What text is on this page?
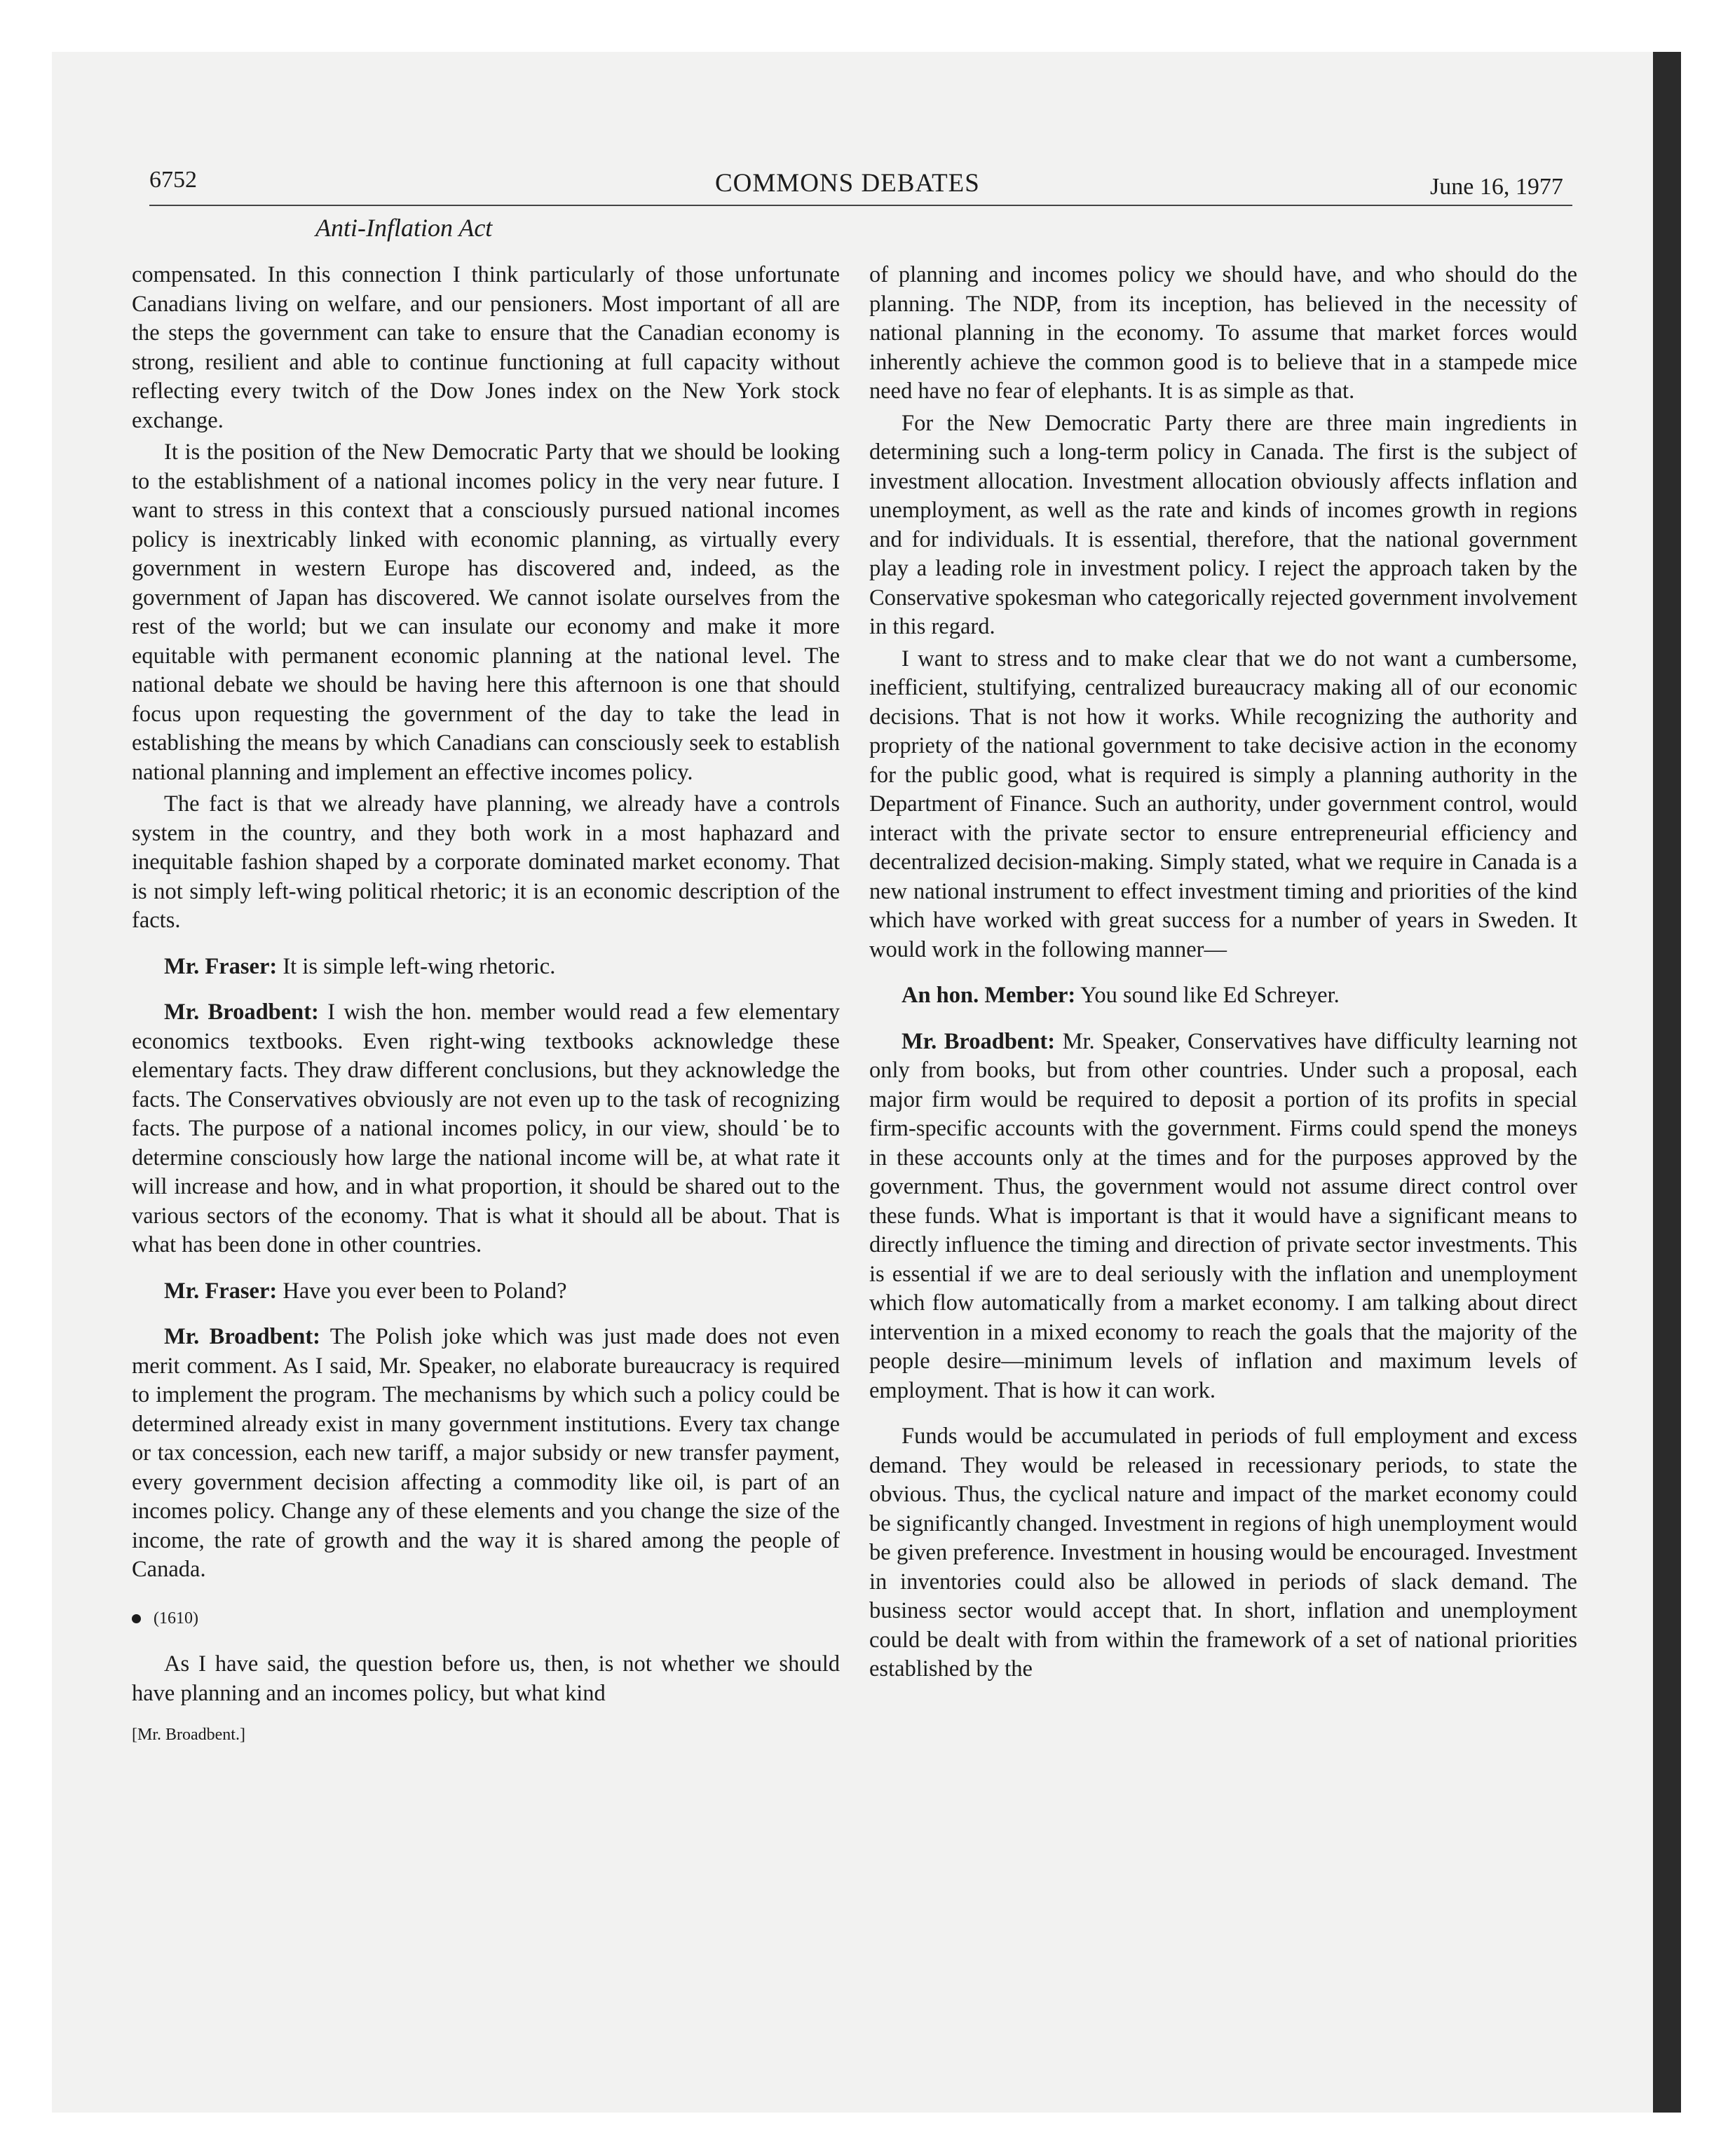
6752	COMMONS DEBATES	June 16, 1977
Anti-Inflation Act

compensated. In this connection I think particularly of those unfortunate Canadians living on welfare, and our pensioners. Most important of all are the steps the government can take to ensure that the Canadian economy is strong, resilient and able to continue functioning at full capacity without reflecting every twitch of the Dow Jones index on the New York stock exchange.

It is the position of the New Democratic Party that we should be looking to the establishment of a national incomes policy in the very near future. I want to stress in this context that a consciously pursued national incomes policy is inextricably linked with economic planning, as virtually every government in western Europe has discovered and, indeed, as the government of Japan has discovered. We cannot isolate ourselves from the rest of the world; but we can insulate our economy and make it more equitable with permanent economic planning at the national level. The national debate we should be having here this afternoon is one that should focus upon requesting the government of the day to take the lead in establishing the means by which Canadians can consciously seek to establish national planning and implement an effective incomes policy.

The fact is that we already have planning, we already have a controls system in the country, and they both work in a most haphazard and inequitable fashion shaped by a corporate dominated market economy. That is not simply left-wing political rhetoric; it is an economic description of the facts.

Mr. Fraser: It is simple left-wing rhetoric.

Mr. Broadbent: I wish the hon. member would read a few elementary economics textbooks. Even right-wing textbooks acknowledge these elementary facts. They draw different conclusions, but they acknowledge the facts. The Conservatives obviously are not even up to the task of recognizing facts. The purpose of a national incomes policy, in our view, should˙be to determine consciously how large the national income will be, at what rate it will increase and how, and in what proportion, it should be shared out to the various sectors of the economy. That is what it should all be about. That is what has been done in other countries.

Mr. Fraser: Have you ever been to Poland?

Mr. Broadbent: The Polish joke which was just made does not even merit comment. As I said, Mr. Speaker, no elaborate bureaucracy is required to implement the program. The mechanisms by which such a policy could be determined already exist in many government institutions. Every tax change or tax concession, each new tariff, a major subsidy or new transfer payment, every government decision affecting a commodity like oil, is part of an incomes policy. Change any of these elements and you change the size of the income, the rate of growth and the way it is shared among the people of Canada.

(1610)

As I have said, the question before us, then, is not whether we should have planning and an incomes policy, but what kind

[Mr. Broadbent.]

of planning and incomes policy we should have, and who should do the planning. The NDP, from its inception, has believed in the necessity of national planning in the economy. To assume that market forces would inherently achieve the common good is to believe that in a stampede mice need have no fear of elephants. It is as simple as that.

For the New Democratic Party there are three main ingredients in determining such a long-term policy in Canada. The first is the subject of investment allocation. Investment allocation obviously affects inflation and unemployment, as well as the rate and kinds of incomes growth in regions and for individuals. It is essential, therefore, that the national government play a leading role in investment policy. I reject the approach taken by the Conservative spokesman who categorically rejected government involvement in this regard.

I want to stress and to make clear that we do not want a cumbersome, inefficient, stultifying, centralized bureaucracy making all of our economic decisions. That is not how it works. While recognizing the authority and propriety of the national government to take decisive action in the economy for the public good, what is required is simply a planning authority in the Department of Finance. Such an authority, under government control, would interact with the private sector to ensure entrepreneurial efficiency and decentralized decision-making. Simply stated, what we require in Canada is a new national instrument to effect investment timing and priorities of the kind which have worked with great success for a number of years in Sweden. It would work in the following manner—

An hon. Member: You sound like Ed Schreyer.

Mr. Broadbent: Mr. Speaker, Conservatives have difficulty learning not only from books, but from other countries. Under such a proposal, each major firm would be required to deposit a portion of its profits in special firm-specific accounts with the government. Firms could spend the moneys in these accounts only at the times and for the purposes approved by the government. Thus, the government would not assume direct control over these funds. What is important is that it would have a significant means to directly influence the timing and direction of private sector investments. This is essential if we are to deal seriously with the inflation and unemployment which flow automatically from a market economy. I am talking about direct intervention in a mixed economy to reach the goals that the majority of the people desire—minimum levels of inflation and maximum levels of employment. That is how it can work.

Funds would be accumulated in periods of full employment and excess demand. They would be released in recessionary periods, to state the obvious. Thus, the cyclical nature and impact of the market economy could be significantly changed. Investment in regions of high unemployment would be given preference. Investment in housing would be encouraged. Investment in inventories could also be allowed in periods of slack demand. The business sector would accept that. In short, inflation and unemployment could be dealt with from within the framework of a set of national priorities established by the
